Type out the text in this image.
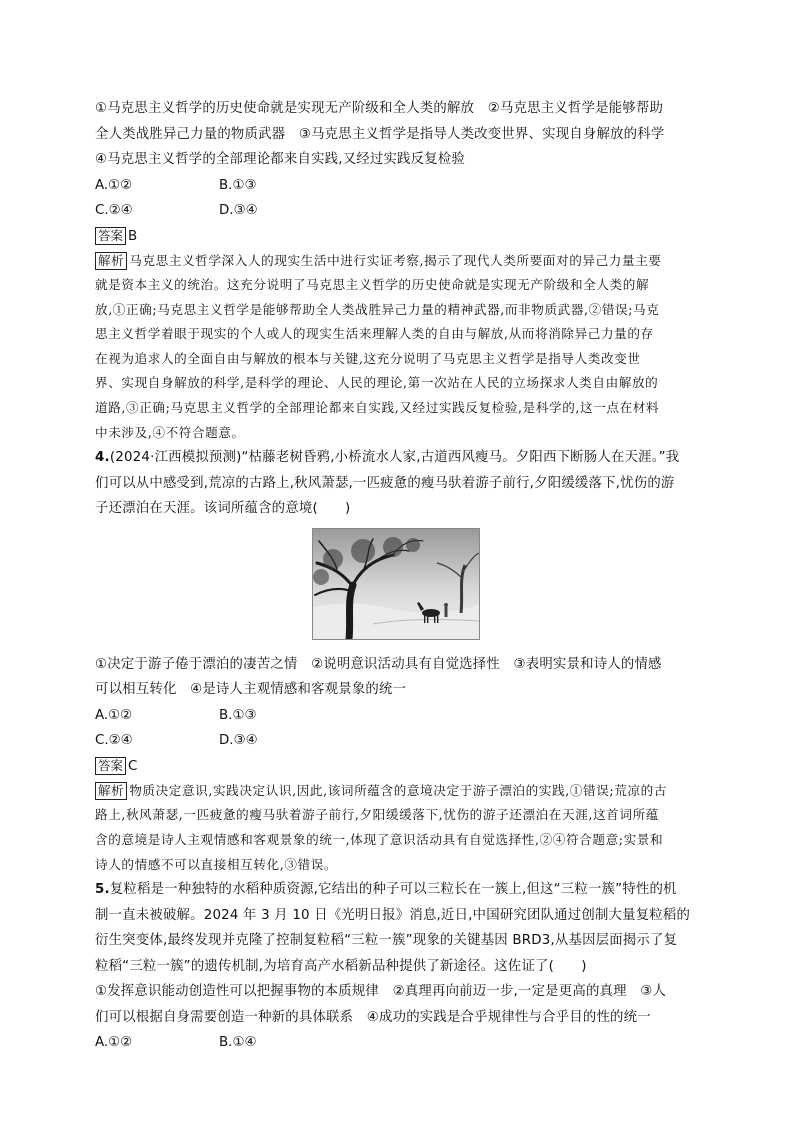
①马克思主义哲学的历史使命就是实现无产阶级和全人类的解放　②马克思主义哲学是能够帮助
全人类战胜异己力量的物质武器　③马克思主义哲学是指导人类改变世界、实现自身解放的科学
④马克思主义哲学的全部理论都来自实践,又经过实践反复检验
A.①②	B.①③
C.②④	D.③④
答案 B
解析 马克思主义哲学深入人的现实生活中进行实证考察,揭示了现代人类所要面对的异己力量主要
就是资本主义的统治。这充分说明了马克思主义哲学的历史使命就是实现无产阶级和全人类的解
放,①正确;马克思主义哲学是能够帮助全人类战胜异己力量的精神武器,而非物质武器,②错误;马克
思主义哲学着眼于现实的个人或人的现实生活来理解人类的自由与解放,从而将消除异己力量的存
在视为追求人的全面自由与解放的根本与关键,这充分说明了马克思主义哲学是指导人类改变世
界、实现自身解放的科学,是科学的理论、人民的理论,第一次站在人民的立场探求人类自由解放的
道路,③正确;马克思主义哲学的全部理论都来自实践,又经过实践反复检验,是科学的,这一点在材料
中未涉及,④不符合题意。
4.(2024·江西模拟预测)“枯藤老树昏鸦,小桥流水人家,古道西风瘦马。夕阳西下断肠人在天涯。”我
们可以从中感受到,荒凉的古路上,秋风萧瑟,一匹疲惫的瘦马驮着游子前行,夕阳缓缓落下,忧伤的游
子还漂泊在天涯。该词所蕴含的意境(　　)
①决定于游子倦于漂泊的凄苦之情　②说明意识活动具有自觉选择性　③表明实景和诗人的情感
可以相互转化　④是诗人主观情感和客观景象的统一
A.①②	B.①③
C.②④	D.③④
答案 C
解析 物质决定意识,实践决定认识,因此,该词所蕴含的意境决定于游子漂泊的实践,①错误;荒凉的古
路上,秋风萧瑟,一匹疲惫的瘦马驮着游子前行,夕阳缓缓落下,忧伤的游子还漂泊在天涯,这首词所蕴
含的意境是诗人主观情感和客观景象的统一,体现了意识活动具有自觉选择性,②④符合题意;实景和
诗人的情感不可以直接相互转化,③错误。
5.复粒稻是一种独特的水稻种质资源,它结出的种子可以三粒长在一簇上,但这“三粒一簇”特性的机
制一直未被破解。2024 年 3 月 10 日《光明日报》消息,近日,中国研究团队通过创制大量复粒稻的
衍生突变体,最终发现并克隆了控制复粒稻“三粒一簇”现象的关键基因 BRD3,从基因层面揭示了复
粒稻“三粒一簇”的遗传机制,为培育高产水稻新品种提供了新途径。这佐证了(　　)
①发挥意识能动创造性可以把握事物的本质规律　②真理再向前迈一步,一定是更高的真理　③人
们可以根据自身需要创造一种新的具体联系　④成功的实践是合乎规律性与合乎目的性的统一
A.①②	B.①④
